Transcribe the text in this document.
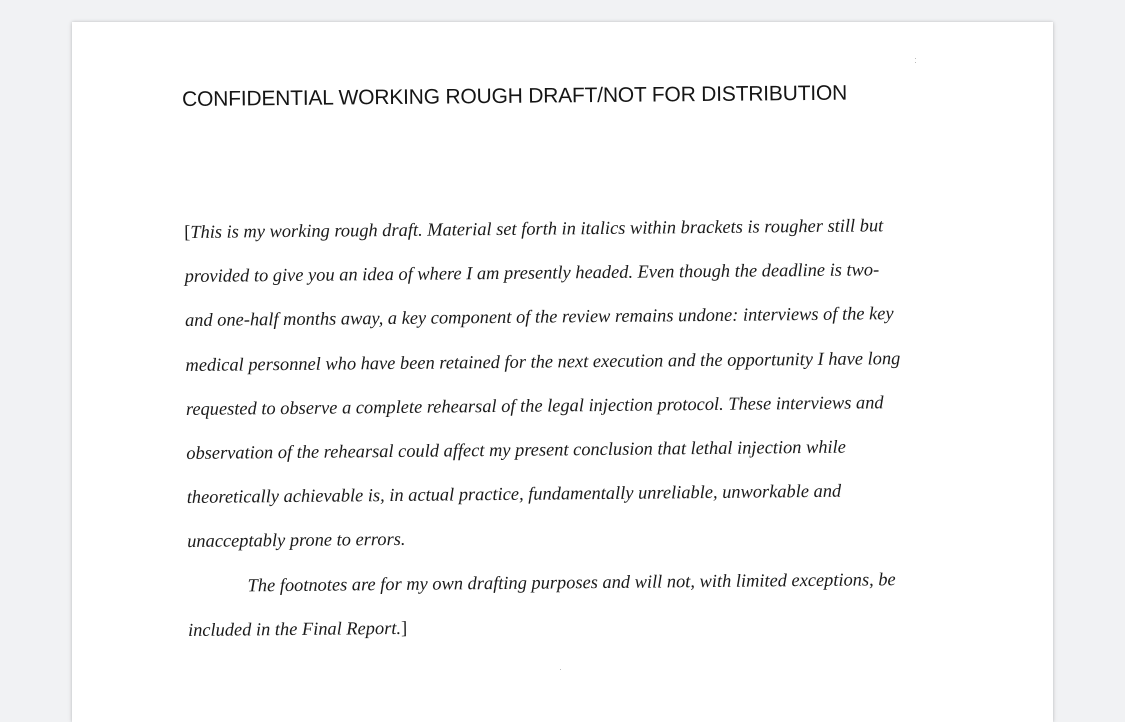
CONFIDENTIAL WORKING ROUGH DRAFT/NOT FOR DISTRIBUTION
[This is my working rough draft. Material set forth in italics within brackets is rougher still but
provided to give you an idea of where I am presently headed. Even though the deadline is two-
and one-half months away, a key component of the review remains undone: interviews of the key
medical personnel who have been retained for the next execution and the opportunity I have long
requested to observe a complete rehearsal of the legal injection protocol. These interviews and
observation of the rehearsal could affect my present conclusion that lethal injection while
theoretically achievable is, in actual practice, fundamentally unreliable, unworkable and
unacceptably prone to errors.
The footnotes are for my own drafting purposes and will not, with limited exceptions, be
included in the Final Report.]
